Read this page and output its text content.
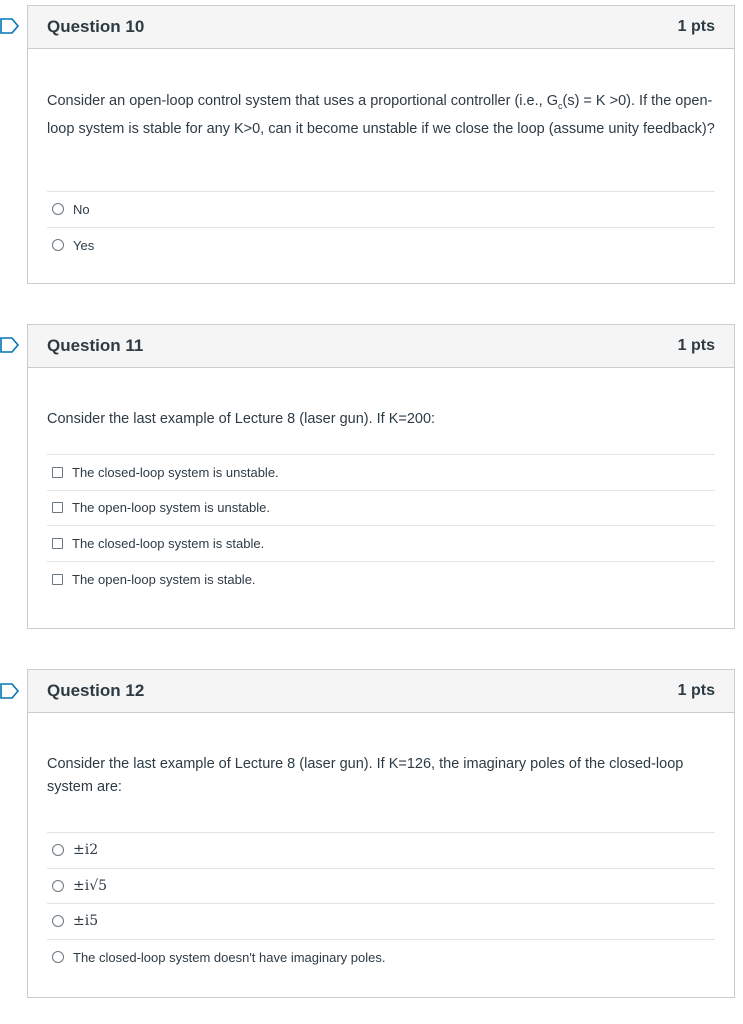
Question 10	1 pts
Consider an open-loop control system that uses a proportional controller (i.e., $G_c(s) = K >0$). If the open-loop system is stable for any K>0, can it become unstable if we close the loop (assume unity feedback)?
No
Yes
Question 11	1 pts
Consider the last example of Lecture 8 (laser gun). If K=200:
The closed-loop system is unstable.
The open-loop system is unstable.
The closed-loop system is stable.
The open-loop system is stable.
Question 12	1 pts
Consider the last example of Lecture 8 (laser gun). If K=126, the imaginary poles of the closed-loop system are:
±i2
±i√5
±i5
The closed-loop system doesn't have imaginary poles.
